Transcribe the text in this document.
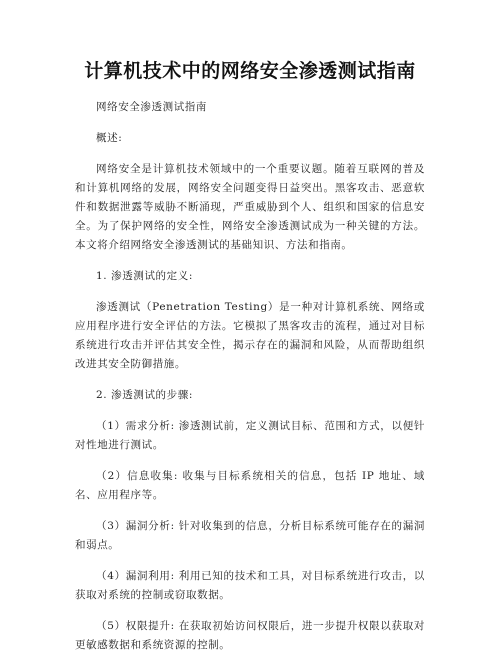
计算机技术中的网络安全渗透测试指南

网络安全渗透测试指南

概述:

网络安全是计算机技术领域中的一个重要议题。随着互联网的普及和计算机网络的发展，网络安全问题变得日益突出。黑客攻击、恶意软件和数据泄露等威胁不断涌现，严重威胁到个人、组织和国家的信息安全。为了保护网络的安全性，网络安全渗透测试成为一种关键的方法。本文将介绍网络安全渗透测试的基础知识、方法和指南。

1. 渗透测试的定义:

渗透测试（Penetration Testing）是一种对计算机系统、网络或应用程序进行安全评估的方法。它模拟了黑客攻击的流程，通过对目标系统进行攻击并评估其安全性，揭示存在的漏洞和风险，从而帮助组织改进其安全防御措施。

2. 渗透测试的步骤:

（1）需求分析: 渗透测试前，定义测试目标、范围和方式，以便针对性地进行测试。

（2）信息收集: 收集与目标系统相关的信息，包括 IP 地址、域名、应用程序等。

（3）漏洞分析: 针对收集到的信息，分析目标系统可能存在的漏洞和弱点。

（4）漏洞利用: 利用已知的技术和工具，对目标系统进行攻击，以获取对系统的控制或窃取数据。

（5）权限提升: 在获取初始访问权限后，进一步提升权限以获取对更敏感数据和系统资源的控制。
